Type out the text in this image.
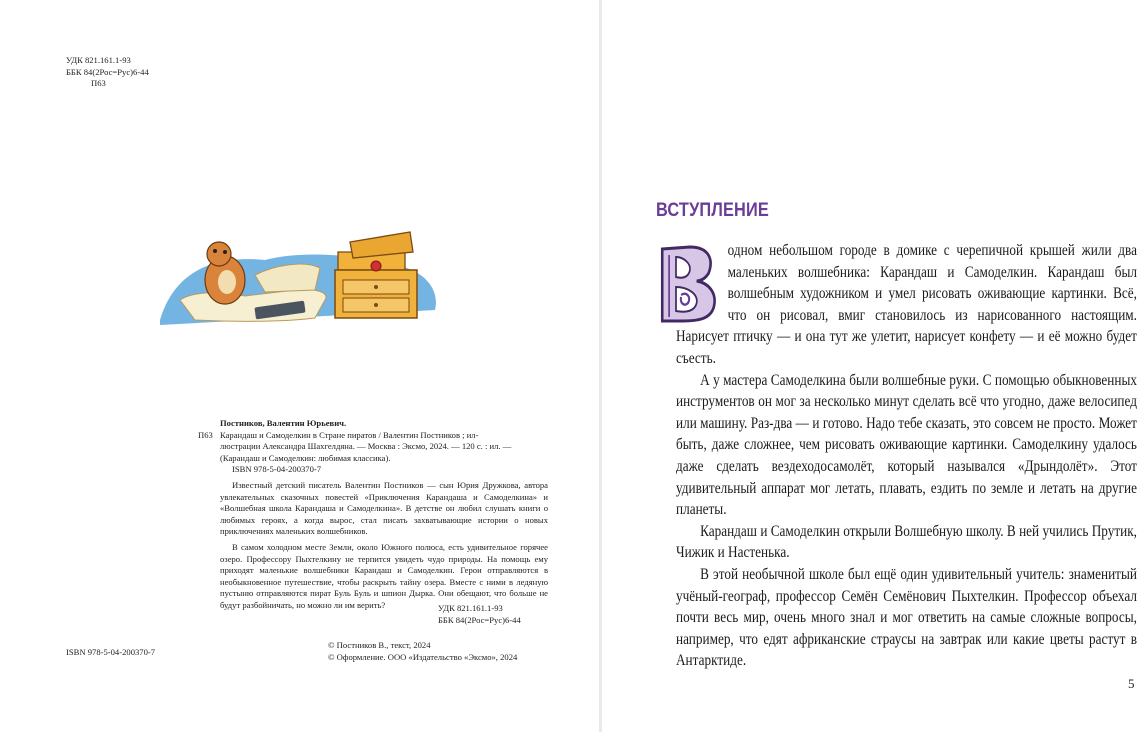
УДК 821.161.1-93
ББК 84(2Рос=Рус)6-44
П63
Постников, Валентин Юрьевич.
П63 Карандаш и Самоделкин в Стране пиратов / Валентин Постников ; ил-
люстрации Александра Шахгелдяна. — Москва : Эксмо, 2024. — 120 с. : ил. —
(Карандаш и Самоделкин: любимая классика).
ISBN 978-5-04-200370-7
Известный детский писатель Валентин Постников — сын Юрия Дружкова, автора увлекательных сказочных повестей «Приключения Карандаша и Самоделкина» и «Волшебная школа Карандаша и Самоделкина». В детстве он любил слушать книги о любимых героях, а когда вырос, стал писать захватывающие истории о новых приключениях маленьких волшебников.
В самом холодном месте Земли, около Южного полюса, есть удивительное горячее озеро. Профессору Пыхтелкину не терпится увидеть чудо природы. На помощь ему приходят маленькие волшебники Карандаш и Самоделкин. Герои отправляются в необыкновенное путешествие, чтобы раскрыть тайну озера. Вместе с ними в ледяную пустыню отправляются пират Буль Буль и шпион Дырка. Они обещают, что больше не будут разбойничать, но можно ли им верить?	УДК 821.161.1-93
ББК 84(2Рос=Рус)6-44
ISBN 978-5-04-200370-7
© Постников В., текст, 2024
© Оформление. ООО «Издательство «Эксмо», 2024
ВСТУПЛЕНИЕ

одном небольшом городе в домике с черепичной крышей жили два маленьких волшебника: Карандаш и Самоделкин. Карандаш был волшебным художником и умел рисовать оживающие картинки. Всё, что он рисовал, вмиг становилось из нарисованного настоящим. Нарисует птичку — и она тут же улетит, нарисует конфету — и её можно будет съесть.

А у мастера Самоделкина были волшебные руки. С помощью обыкновенных инструментов он мог за несколько минут сделать всё что угодно, даже велосипед или машину. Раз-два — и готово. Надо тебе сказать, это совсем не просто. Может быть, даже сложнее, чем рисовать оживающие картинки. Самоделкину удалось даже сделать вездеходосамолёт, который назывался «Дрындолёт». Этот удивительный аппарат мог летать, плавать, ездить по земле и летать на другие планеты.

Карандаш и Самоделкин открыли Волшебную школу. В ней учились Прутик, Чижик и Настенька.

В этой необычной школе был ещё один удивительный учитель: знаменитый учёный-географ, профессор Семён Семёнович Пыхтелкин. Профессор объехал почти весь мир, очень много знал и мог ответить на самые сложные вопросы, например, что едят африканские страусы на завтрак или какие цветы растут в Антарктиде.

5
